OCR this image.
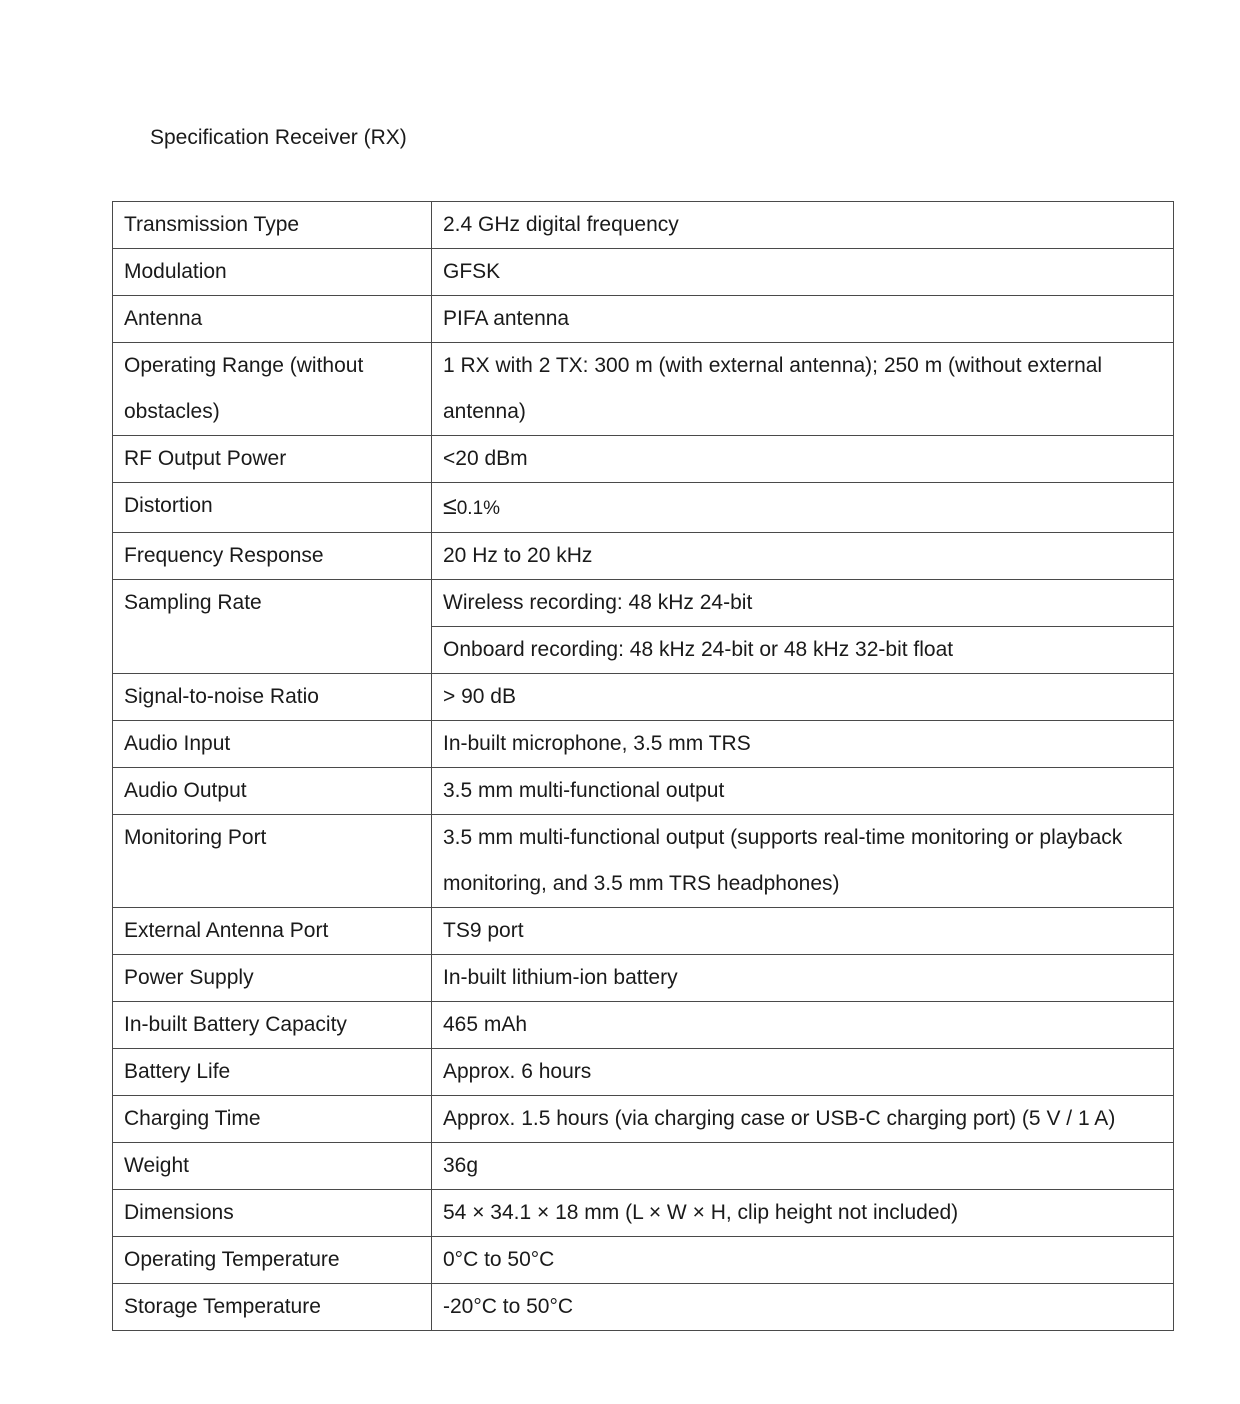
Specification Receiver (RX)
Transmission Type	2.4 GHz digital frequency
Modulation	GFSK
Antenna	PIFA antenna
Operating Range (without obstacles)	1 RX with 2 TX: 300 m (with external antenna); 250 m (without external antenna)
RF Output Power	<20 dBm
Distortion	≤0.1%
Frequency Response	20 Hz to 20 kHz
Sampling Rate	Wireless recording: 48 kHz 24-bit
	Onboard recording: 48 kHz 24-bit or 48 kHz 32-bit float
Signal-to-noise Ratio	> 90 dB
Audio Input	In-built microphone, 3.5 mm TRS
Audio Output	3.5 mm multi-functional output
Monitoring Port	3.5 mm multi-functional output (supports real-time monitoring or playback monitoring, and 3.5 mm TRS headphones)
External Antenna Port	TS9 port
Power Supply	In-built lithium-ion battery
In-built Battery Capacity	465 mAh
Battery Life	Approx. 6 hours
Charging Time	Approx. 1.5 hours (via charging case or USB-C charging port) (5 V / 1 A)
Weight	36g
Dimensions	54 × 34.1 × 18 mm (L × W × H, clip height not included)
Operating Temperature	0°C to 50°C
Storage Temperature	-20°C to 50°C
